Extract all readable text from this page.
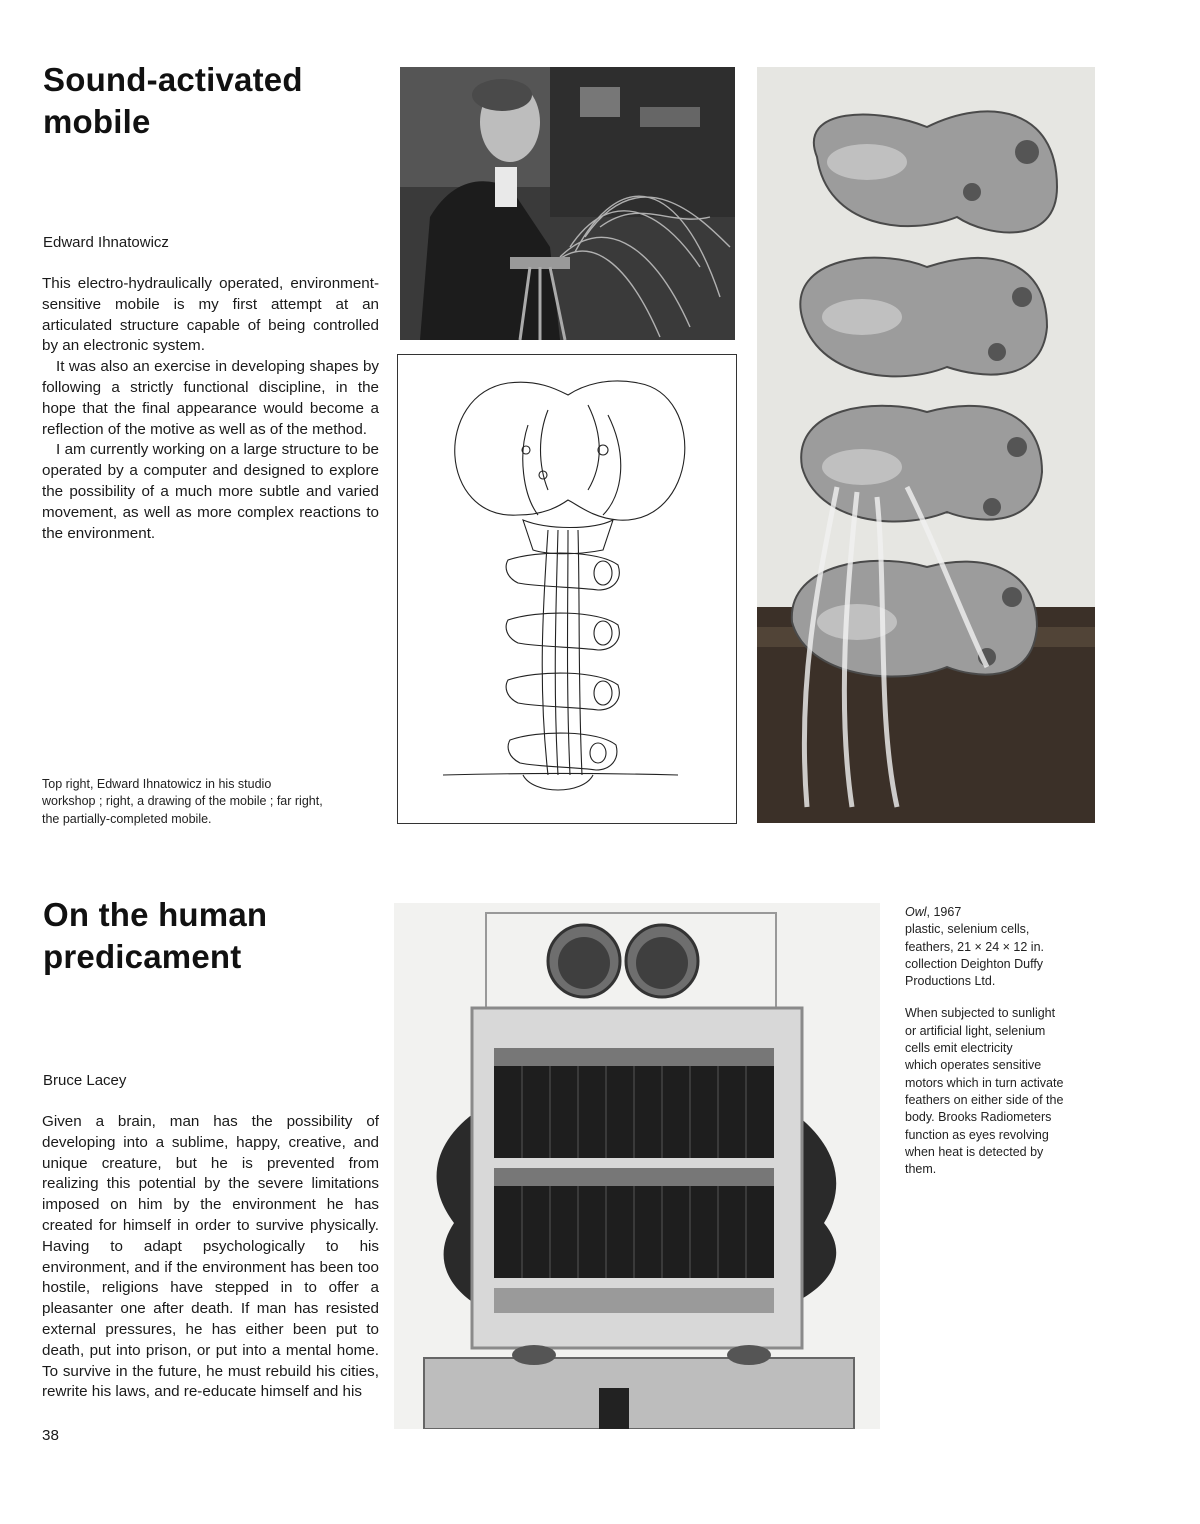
Sound-activated
mobile
Edward Ihnatowicz

This electro-hydraulically operated, environment-sensitive mobile is my first attempt at an articulated structure capable of being controlled by an electronic system.

It was also an exercise in developing shapes by following a strictly functional discipline, in the hope that the final appearance would become a reflection of the motive as well as of the method.

I am currently working on a large structure to be operated by a computer and designed to explore the possibility of a much more subtle and varied movement, as well as more complex reactions to the environment.

Top right, Edward Ihnatowicz in his studio

workshop ; right, a drawing of the mobile ; far right,

the partially-completed mobile.

On the human
predicament
Bruce Lacey

Given a brain, man has the possibility of developing into a sublime, happy, creative, and unique creature, but he is prevented from realizing this potential by the severe limitations imposed on him by the environment he has created for himself in order to survive physically. Having to adapt psychologically to his environment, and if the environment has been too hostile, religions have stepped in to offer a pleasanter one after death. If man has resisted external pressures, he has either been put to death, put into prison, or put into a mental home. To survive in the future, he must rebuild his cities, rewrite his laws, and re-educate himself and his

38
Owl, 1967
plastic, selenium cells,
feathers, 21 × 24 × 12 in.
collection Deighton Duffy
Productions Ltd.
When subjected to sunlight
or artificial light, selenium
cells emit electricity
which operates sensitive
motors which in turn activate
feathers on either side of the
body. Brooks Radiometers
function as eyes revolving
when heat is detected by
them.
